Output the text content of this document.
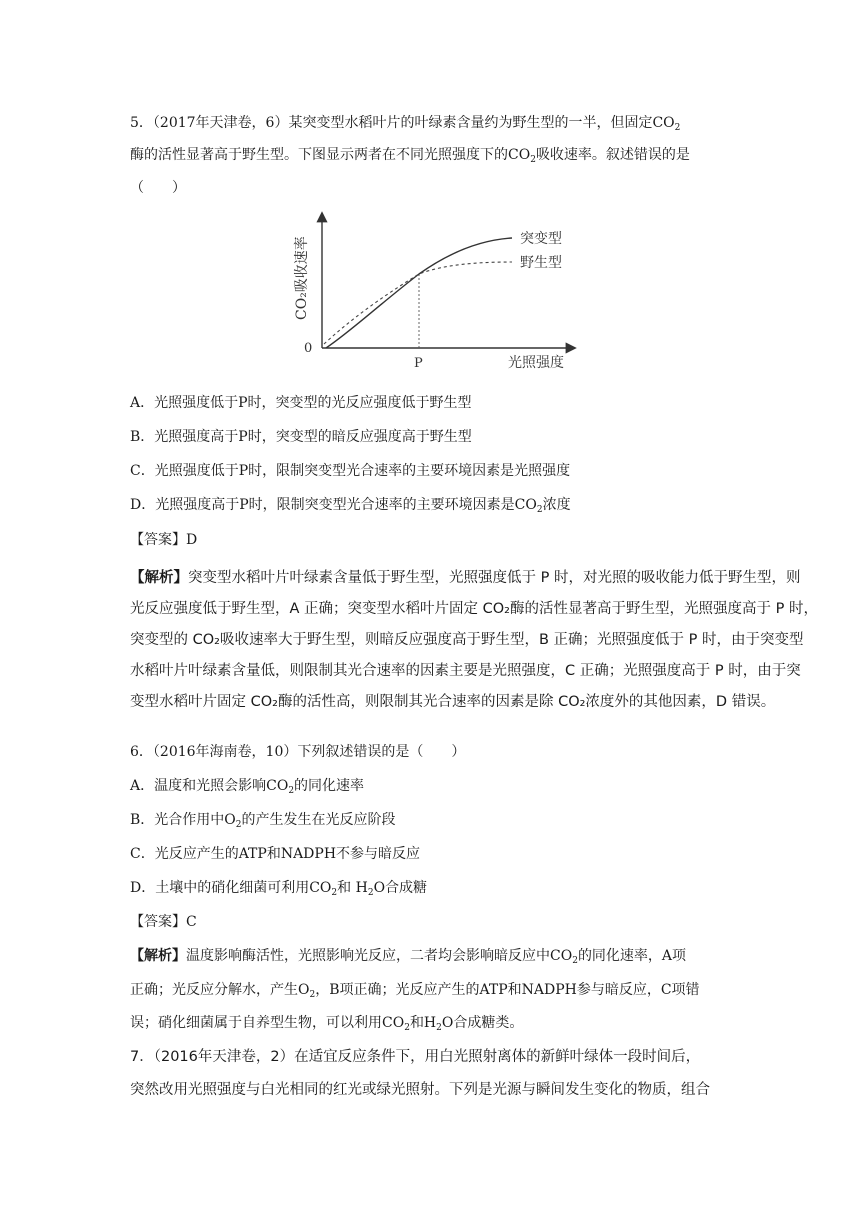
5．（2017年天津卷，6）某突变型水稻叶片的叶绿素含量约为野生型的一半，但固定$CO_2$
酶的活性显著高于野生型。下图显示两者在不同光照强度下的$CO_2$吸收速率。叙述错误的是
（　　）
CO₂吸收速率
0
P	光照强度
突变型
野生型
A．光照强度低于P时，突变型的光反应强度低于野生型
B．光照强度高于P时，突变型的暗反应强度高于野生型
C．光照强度低于P时，限制突变型光合速率的主要环境因素是光照强度
D．光照强度高于P时，限制突变型光合速率的主要环境因素是$CO_2$浓度
【答案】D

【解析】突变型水稻叶片叶绿素含量低于野生型，光照强度低于 P 时，对光照的吸收能力低于野生型，则

光反应强度低于野生型，A 正确；突变型水稻叶片固定 CO₂酶的活性显著高于野生型，光照强度高于 P 时，

突变型的 CO₂吸收速率大于野生型，则暗反应强度高于野生型，B 正确；光照强度低于 P 时，由于突变型

水稻叶片叶绿素含量低，则限制其光合速率的因素主要是光照强度，C 正确；光照强度高于 P 时，由于突

变型水稻叶片固定 CO₂酶的活性高，则限制其光合速率的因素是除 CO₂浓度外的其他因素，D 错误。

6．（2016年海南卷，10）下列叙述错误的是（　　）
A．温度和光照会影响$CO_2$的同化速率
B．光合作用中$O_2$的产生发生在光反应阶段
C．光反应产生的ATP和NADPH不参与暗反应
D．土壤中的硝化细菌可利用$CO_2$和 $H_2O$合成糖
【答案】C
【解析】温度影响酶活性，光照影响光反应，二者均会影响暗反应中$CO_2$的同化速率，A项
正确；光反应分解水，产生$O_2$，B项正确；光反应产生的ATP和NADPH参与暗反应，C项错
误；硝化细菌属于自养型生物，可以利用$CO_2$和$H_2O$合成糖类。
7．（2016年天津卷，2）在适宜反应条件下，用白光照射离体的新鲜叶绿体一段时间后，
突然改用光照强度与白光相同的红光或绿光照射。下列是光源与瞬间发生变化的物质，组合
